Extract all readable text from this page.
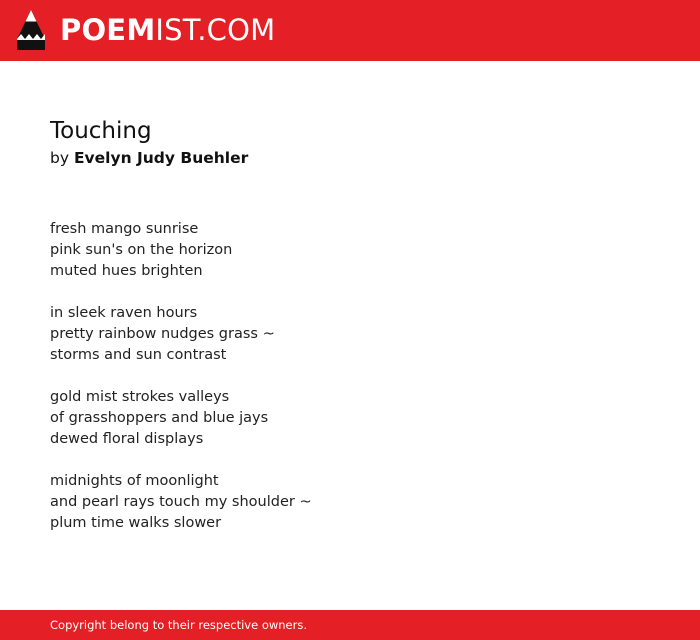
POEMIST.COM
Touching
by Evelyn Judy Buehler
fresh mango sunrise
pink sun's on the horizon
muted hues brighten
in sleek raven hours
pretty rainbow nudges grass ~
storms and sun contrast
gold mist strokes valleys
of grasshoppers and blue jays
dewed floral displays
midnights of moonlight
and pearl rays touch my shoulder ~
plum time walks slower
Copyright belong to their respective owners.
